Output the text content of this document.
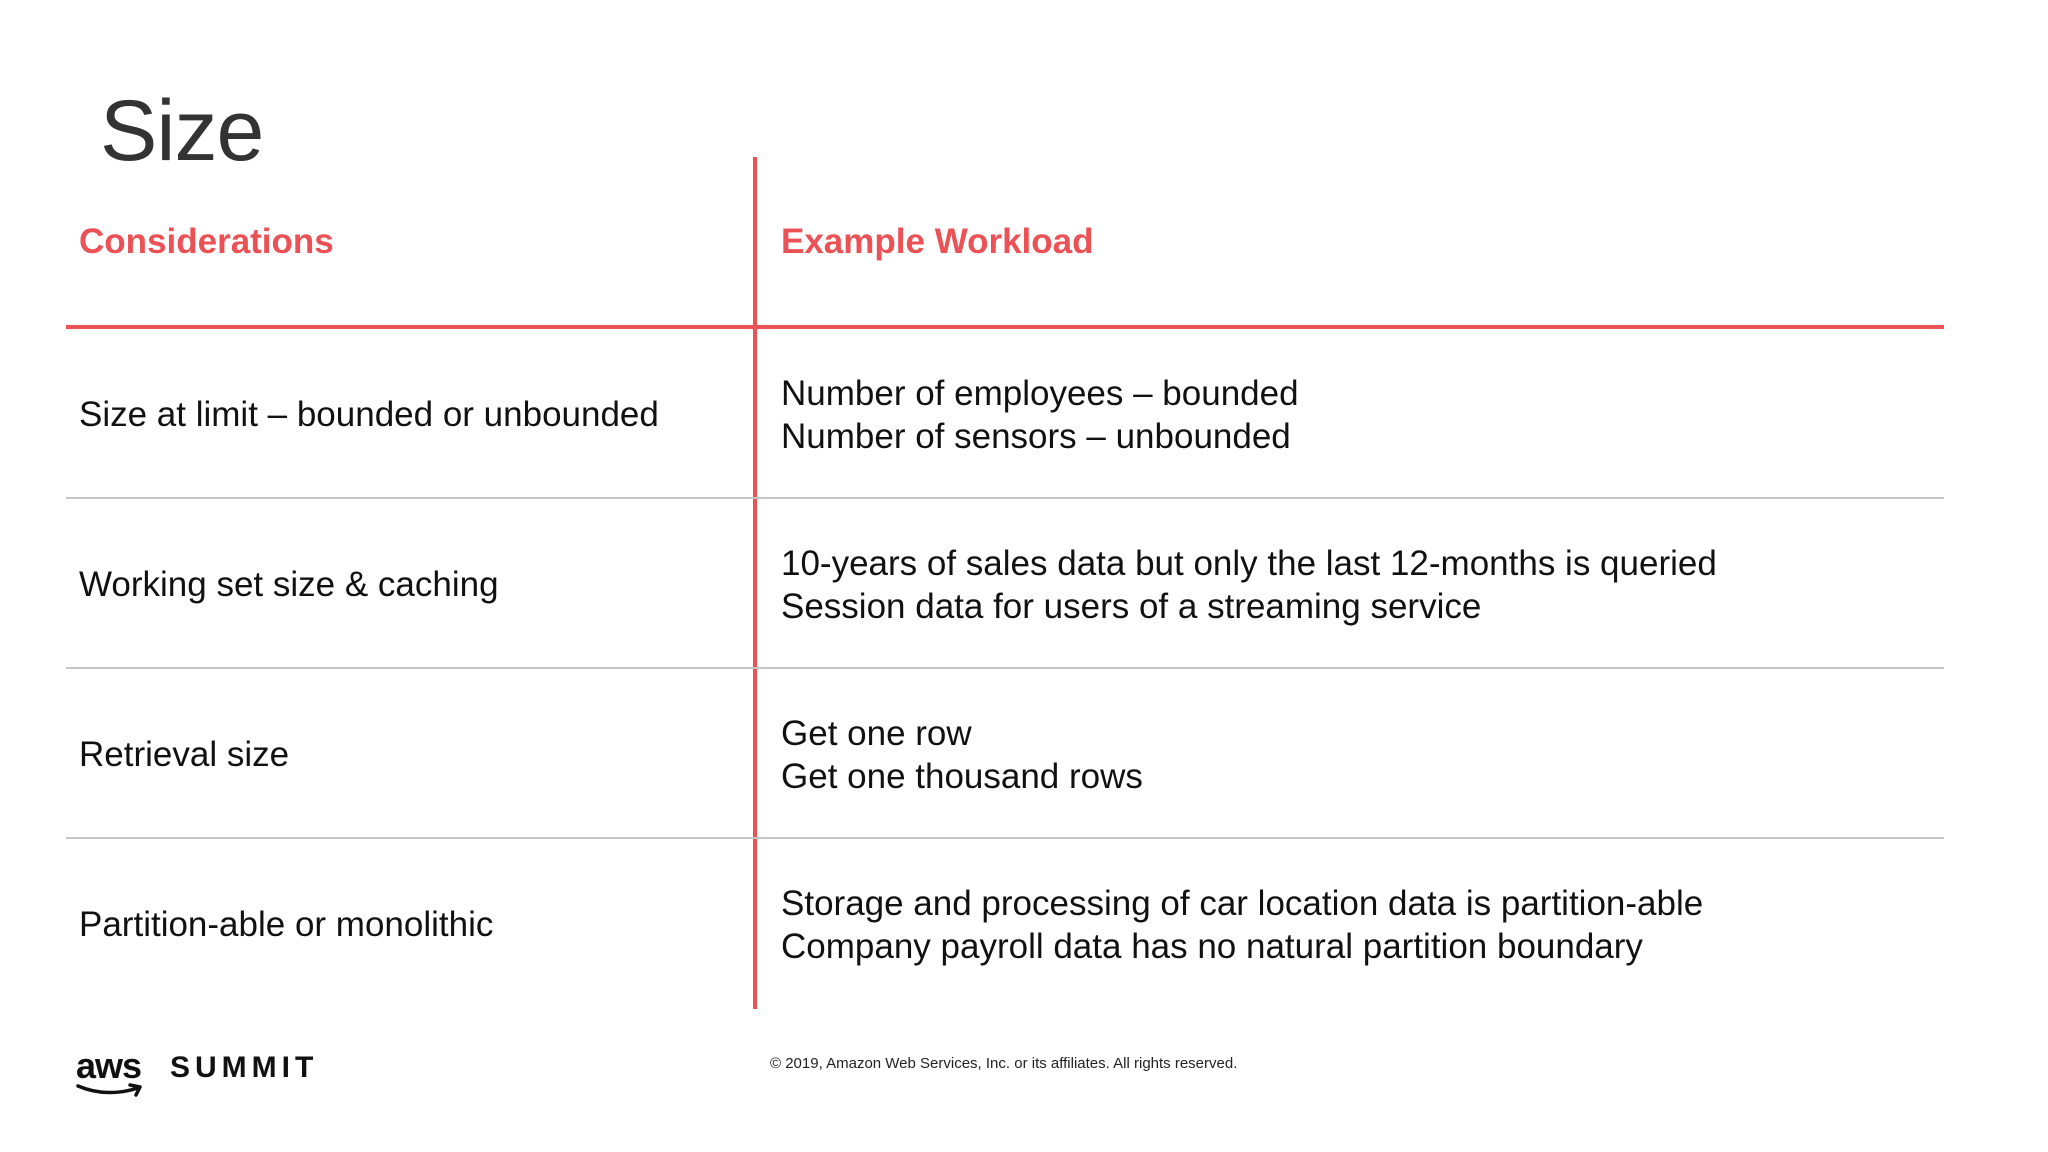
Size
Considerations	Example Workload
Size at limit – bounded or unbounded
Number of employees – bounded
Number of sensors – unbounded
Working set size & caching
10-years of sales data but only the last 12-months is queried
Session data for users of a streaming service
Retrieval size
Get one row
Get one thousand rows
Partition-able or monolithic
Storage and processing of car location data is partition-able
Company payroll data has no natural partition boundary
aws SUMMIT	© 2019, Amazon Web Services, Inc. or its affiliates. All rights reserved.
